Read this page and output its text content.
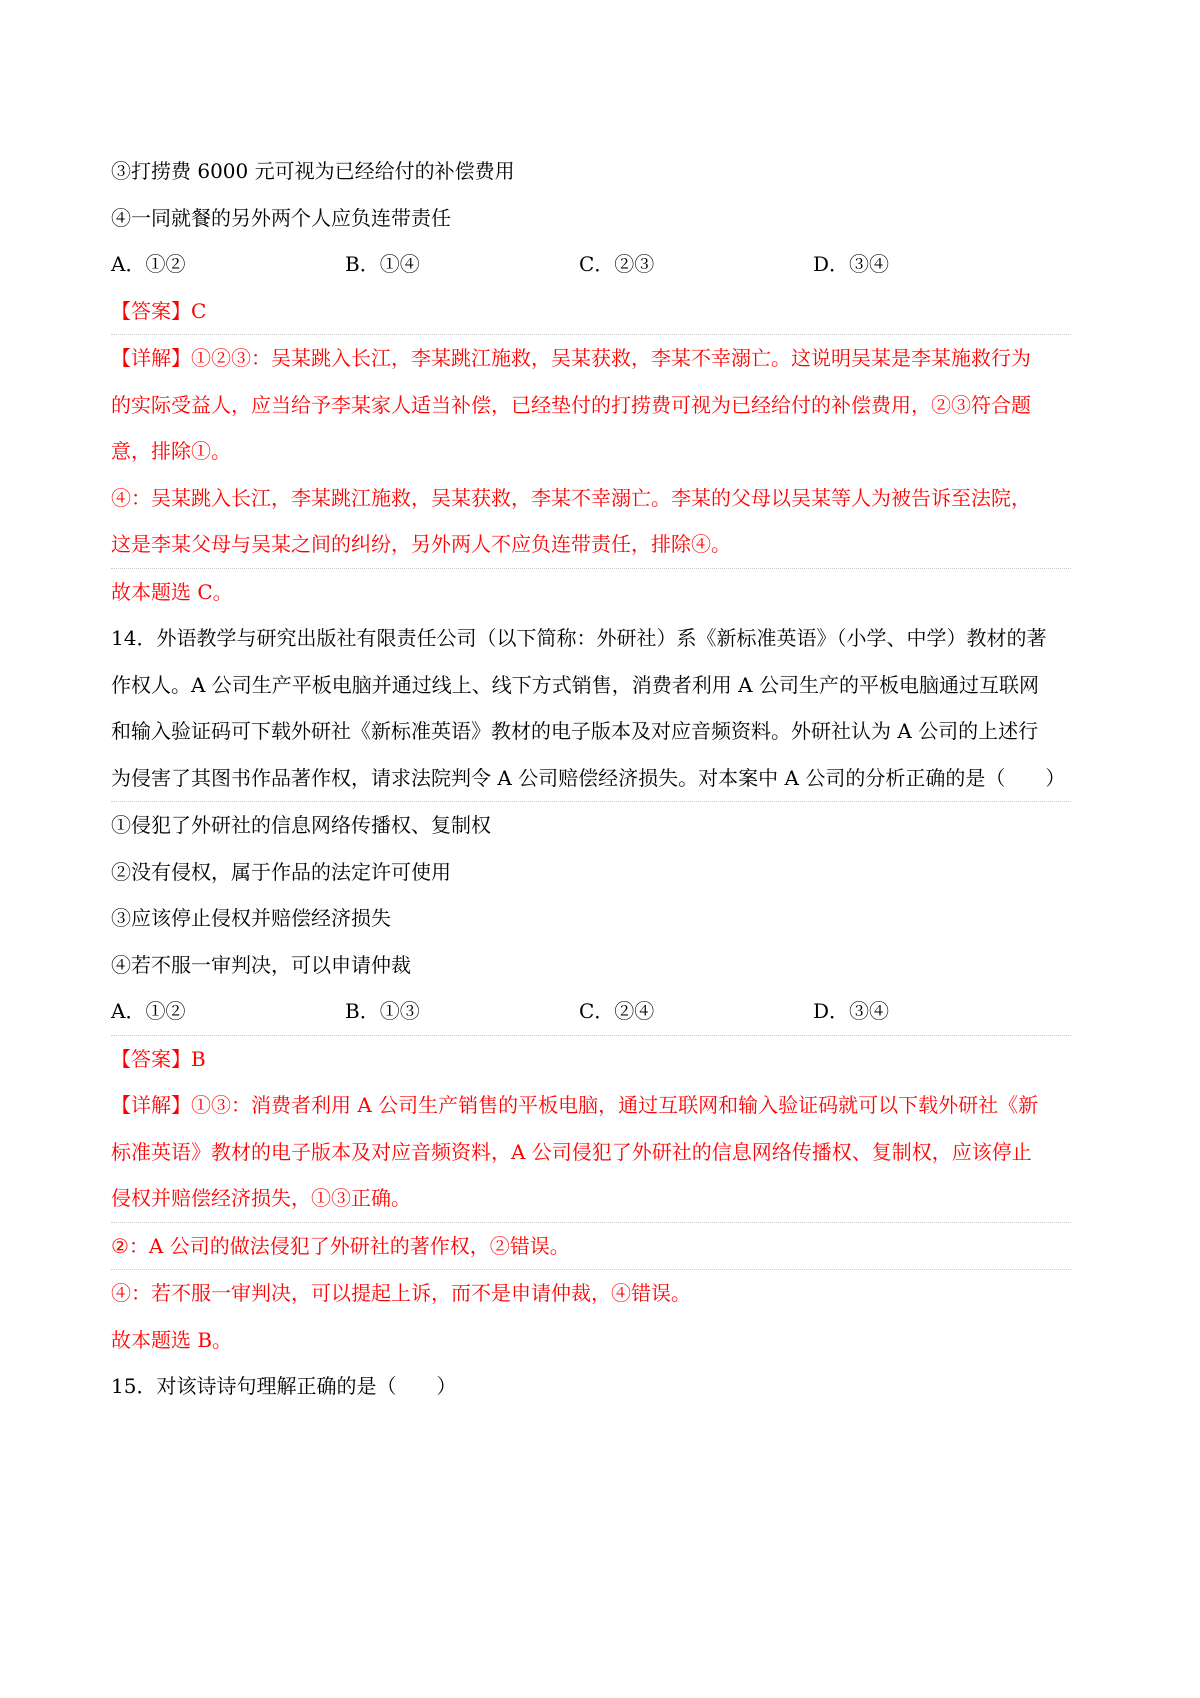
③打捞费 6000 元可视为已经给付的补偿费用
④一同就餐的另外两个人应负连带责任
A．①②	B．①④	C．②③	D．③④
【答案】C
【详解】①②③：吴某跳入长江，李某跳江施救，吴某获救，李某不幸溺亡。这说明吴某是李某施救行为
的实际受益人，应当给予李某家人适当补偿，已经垫付的打捞费可视为已经给付的补偿费用，②③符合题
意，排除①。
④：吴某跳入长江，李某跳江施救，吴某获救，李某不幸溺亡。李某的父母以吴某等人为被告诉至法院，
这是李某父母与吴某之间的纠纷，另外两人不应负连带责任，排除④。
故本题选 C。
14．外语教学与研究出版社有限责任公司（以下简称：外研社）系《新标准英语》（小学、中学）教材的著
作权人。A 公司生产平板电脑并通过线上、线下方式销售，消费者利用 A 公司生产的平板电脑通过互联网
和输入验证码可下载外研社《新标准英语》教材的电子版本及对应音频资料。外研社认为 A 公司的上述行
为侵害了其图书作品著作权，请求法院判令 A 公司赔偿经济损失。对本案中 A 公司的分析正确的是（　　）
①侵犯了外研社的信息网络传播权、复制权
②没有侵权，属于作品的法定许可使用
③应该停止侵权并赔偿经济损失
④若不服一审判决，可以申请仲裁
A．①②	B．①③	C．②④	D．③④
【答案】B
【详解】①③：消费者利用 A 公司生产销售的平板电脑，通过互联网和输入验证码就可以下载外研社《新
标准英语》教材的电子版本及对应音频资料，A 公司侵犯了外研社的信息网络传播权、复制权，应该停止
侵权并赔偿经济损失，①③正确。
②：A 公司的做法侵犯了外研社的著作权，②错误。
④：若不服一审判决，可以提起上诉，而不是申请仲裁，④错误。
故本题选 B。
15．对该诗诗句理解正确的是（　　）
